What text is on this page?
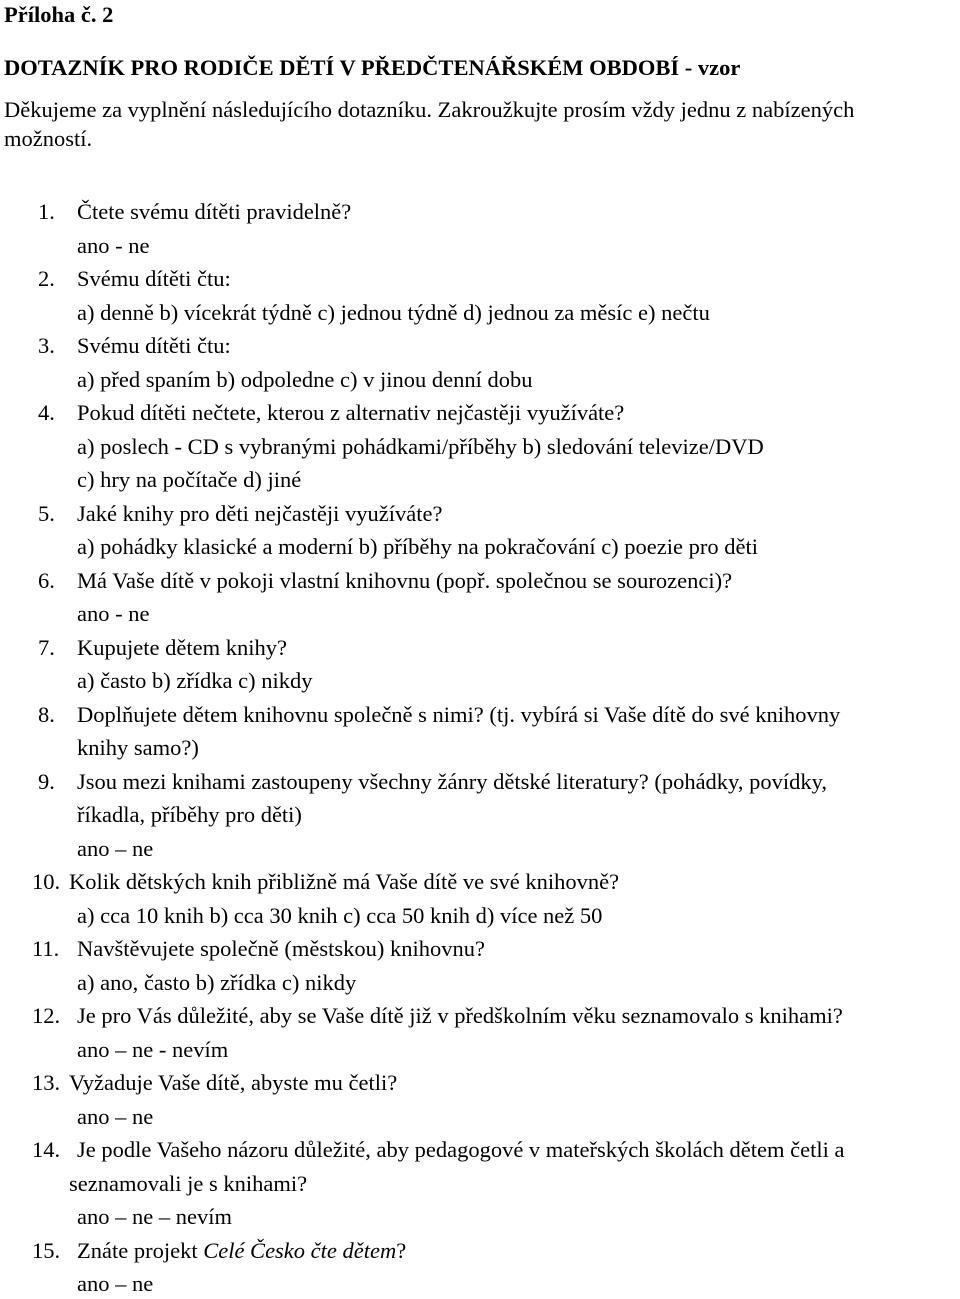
Příloha č. 2
DOTAZNÍK PRO RODIČE DĚTÍ V PŘEDČTENÁŘSKÉM OBDOBÍ - vzor
Děkujeme za vyplnění následujícího dotazníku. Zakroužkujte prosím vždy jednu z nabízených
možností.
1. Čtete svému dítěti pravidelně?
ano - ne
2. Svému dítěti čtu:
a) denně b) vícekrát týdně c) jednou týdně d) jednou za měsíc e) nečtu
3. Svému dítěti čtu:
a) před spaním b) odpoledne c) v jinou denní dobu
4. Pokud dítěti nečtete, kterou z alternativ nejčastěji využíváte?
a) poslech - CD s vybranými pohádkami/příběhy b) sledování televize/DVD
c) hry na počítače d) jiné
5. Jaké knihy pro děti nejčastěji využíváte?
a) pohádky klasické a moderní b) příběhy na pokračování c) poezie pro děti
6. Má Vaše dítě v pokoji vlastní knihovnu (popř. společnou se sourozenci)?
ano - ne
7. Kupujete dětem knihy?
a) často b) zřídka c) nikdy
8. Doplňujete dětem knihovnu společně s nimi? (tj. vybírá si Vaše dítě do své knihovny
knihy samo?)
9. Jsou mezi knihami zastoupeny všechny žánry dětské literatury? (pohádky, povídky,
říkadla, příběhy pro děti)
ano – ne
10. Kolik dětských knih přibližně má Vaše dítě ve své knihovně?
a) cca 10 knih b) cca 30 knih c) cca 50 knih d) více než 50
11. Navštěvujete společně (městskou) knihovnu?
a) ano, často b) zřídka c) nikdy
12. Je pro Vás důležité, aby se Vaše dítě již v předškolním věku seznamovalo s knihami?
ano – ne - nevím
13. Vyžaduje Vaše dítě, abyste mu četli?
ano – ne
14. Je podle Vašeho názoru důležité, aby pedagogové v mateřských školách dětem četli a
seznamovali je s knihami?
ano – ne – nevím
15. Znáte projekt Celé Česko čte dětem?
ano – ne
